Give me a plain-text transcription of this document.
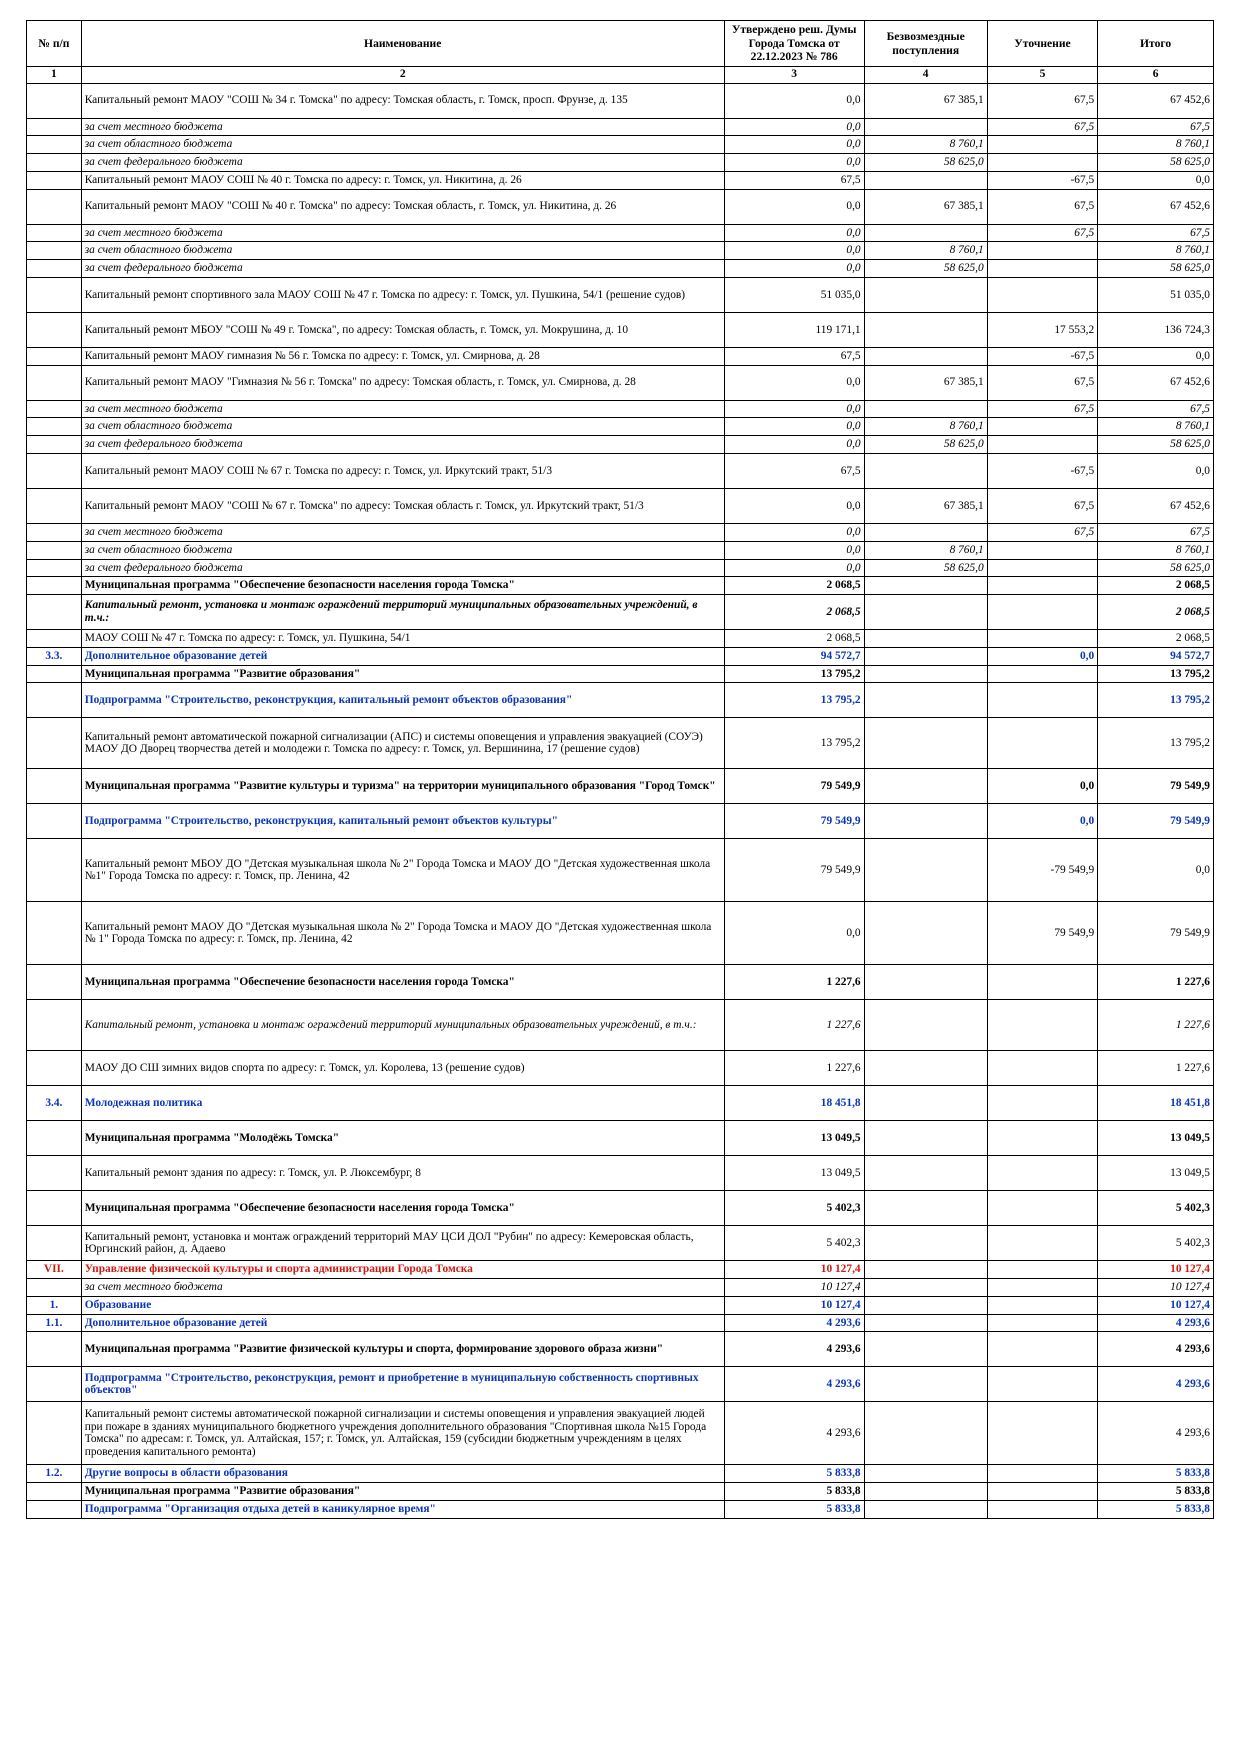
№ п/п	Наименование	Утверждено реш. Думы Города Томска от 22.12.2023 № 786	Безвозмездные поступления	Уточнение	Итого
1	2	3	4	5	6
	Капитальный ремонт МАОУ "СОШ № 34 г. Томска" по адресу: Томская область, г. Томск, просп. Фрунзе, д. 135	0,0	67 385,1	67,5	67 452,6
	за счет местного бюджета	0,0		67,5	67,5
	за счет областного бюджета	0,0	8 760,1		8 760,1
	за счет федерального бюджета	0,0	58 625,0		58 625,0
	Капитальный ремонт МАОУ СОШ № 40 г. Томска по адресу: г. Томск, ул. Никитина, д. 26	67,5		-67,5	0,0
	Капитальный ремонт МАОУ "СОШ № 40 г. Томска" по адресу: Томская область, г. Томск, ул. Никитина, д. 26	0,0	67 385,1	67,5	67 452,6
	за счет местного бюджета	0,0		67,5	67,5
	за счет областного бюджета	0,0	8 760,1		8 760,1
	за счет федерального бюджета	0,0	58 625,0		58 625,0
	Капитальный ремонт спортивного зала МАОУ СОШ № 47 г. Томска по адресу: г. Томск, ул. Пушкина, 54/1 (решение судов)	51 035,0			51 035,0
	Капитальный ремонт МБОУ "СОШ № 49 г. Томска", по адресу: Томская область, г. Томск, ул. Мокрушина, д. 10	119 171,1		17 553,2	136 724,3
	Капитальный ремонт МАОУ гимназия № 56 г. Томска по адресу: г. Томск, ул. Смирнова, д. 28	67,5		-67,5	0,0
	Капитальный ремонт МАОУ "Гимназия № 56 г. Томска" по адресу: Томская область, г. Томск, ул. Смирнова, д. 28	0,0	67 385,1	67,5	67 452,6
	за счет местного бюджета	0,0		67,5	67,5
	за счет областного бюджета	0,0	8 760,1		8 760,1
	за счет федерального бюджета	0,0	58 625,0		58 625,0
	Капитальный ремонт МАОУ СОШ № 67 г. Томска по адресу: г. Томск, ул. Иркутский тракт, 51/3	67,5		-67,5	0,0
	Капитальный ремонт МАОУ "СОШ № 67 г. Томска" по адресу: Томская область г. Томск, ул. Иркутский тракт, 51/3	0,0	67 385,1	67,5	67 452,6
	за счет местного бюджета	0,0		67,5	67,5
	за счет областного бюджета	0,0	8 760,1		8 760,1
	за счет федерального бюджета	0,0	58 625,0		58 625,0
	Муниципальная программа "Обеспечение безопасности населения города Томска"	2 068,5			2 068,5
	Капитальный ремонт, установка и монтаж ограждений территорий муниципальных образовательных учреждений, в т.ч.:	2 068,5			2 068,5
	МАОУ СОШ № 47 г. Томска по адресу: г. Томск, ул. Пушкина, 54/1	2 068,5			2 068,5
3.3.	Дополнительное образование детей	94 572,7		0,0	94 572,7
	Муниципальная программа "Развитие образования"	13 795,2			13 795,2
	Подпрограмма "Строительство, реконструкция, капитальный ремонт объектов образования"	13 795,2			13 795,2
	Капитальный ремонт автоматической пожарной сигнализации (АПС) и системы оповещения и управления эвакуацией (СОУЭ) МАОУ ДО Дворец творчества детей и молодежи г. Томска по адресу: г. Томск, ул. Вершинина, 17 (решение судов)	13 795,2			13 795,2
	Муниципальная программа "Развитие культуры и туризма" на территории муниципального образования "Город Томск"	79 549,9		0,0	79 549,9
	Подпрограмма "Строительство, реконструкция, капитальный ремонт объектов культуры"	79 549,9		0,0	79 549,9
	Капитальный ремонт МБОУ ДО "Детская музыкальная школа № 2" Города Томска и МАОУ ДО "Детская художественная школа №1" Города Томска по адресу: г. Томск, пр. Ленина, 42	79 549,9		-79 549,9	0,0
	Капитальный ремонт МАОУ ДО "Детская музыкальная школа № 2" Города Томска и МАОУ ДО "Детская художественная школа № 1" Города Томска по адресу: г. Томск, пр. Ленина, 42	0,0		79 549,9	79 549,9
	Муниципальная программа "Обеспечение безопасности населения города Томска"	1 227,6			1 227,6
	Капитальный ремонт, установка и монтаж ограждений территорий муниципальных образовательных учреждений, в т.ч.:	1 227,6			1 227,6
	МАОУ ДО СШ зимних видов спорта по адресу: г. Томск, ул. Королева, 13 (решение судов)	1 227,6			1 227,6
3.4.	Молодежная политика	18 451,8			18 451,8
	Муниципальная программа "Молодёжь Томска"	13 049,5			13 049,5
	Капитальный ремонт здания по адресу: г. Томск, ул. Р. Люксембург, 8	13 049,5			13 049,5
	Муниципальная программа "Обеспечение безопасности населения города Томска"	5 402,3			5 402,3
	Капитальный ремонт, установка и монтаж ограждений территорий МАУ ЦСИ ДОЛ "Рубин" по адресу: Кемеровская область, Юргинский район, д. Адаево	5 402,3			5 402,3
VII.	Управление физической культуры и спорта администрации Города Томска	10 127,4			10 127,4
	за счет местного бюджета	10 127,4			10 127,4
1.	Образование	10 127,4			10 127,4
1.1.	Дополнительное образование детей	4 293,6			4 293,6
	Муниципальная программа "Развитие физической культуры и спорта, формирование здорового образа жизни"	4 293,6			4 293,6
	Подпрограмма "Строительство, реконструкция, ремонт и приобретение в муниципальную собственность спортивных объектов"	4 293,6			4 293,6
	Капитальный ремонт системы автоматической пожарной сигнализации и системы оповещения и управления эвакуацией людей при пожаре в зданиях муниципального бюджетного учреждения дополнительного образования "Спортивная школа №15 Города Томска" по адресам: г. Томск, ул. Алтайская, 157; г. Томск, ул. Алтайская, 159 (субсидии бюджетным учреждениям в целях проведения капитального ремонта)	4 293,6			4 293,6
1.2.	Другие вопросы в области образования	5 833,8			5 833,8
	Муниципальная программа "Развитие образования"	5 833,8			5 833,8
	Подпрограмма "Организация отдыха детей в каникулярное время"	5 833,8			5 833,8
